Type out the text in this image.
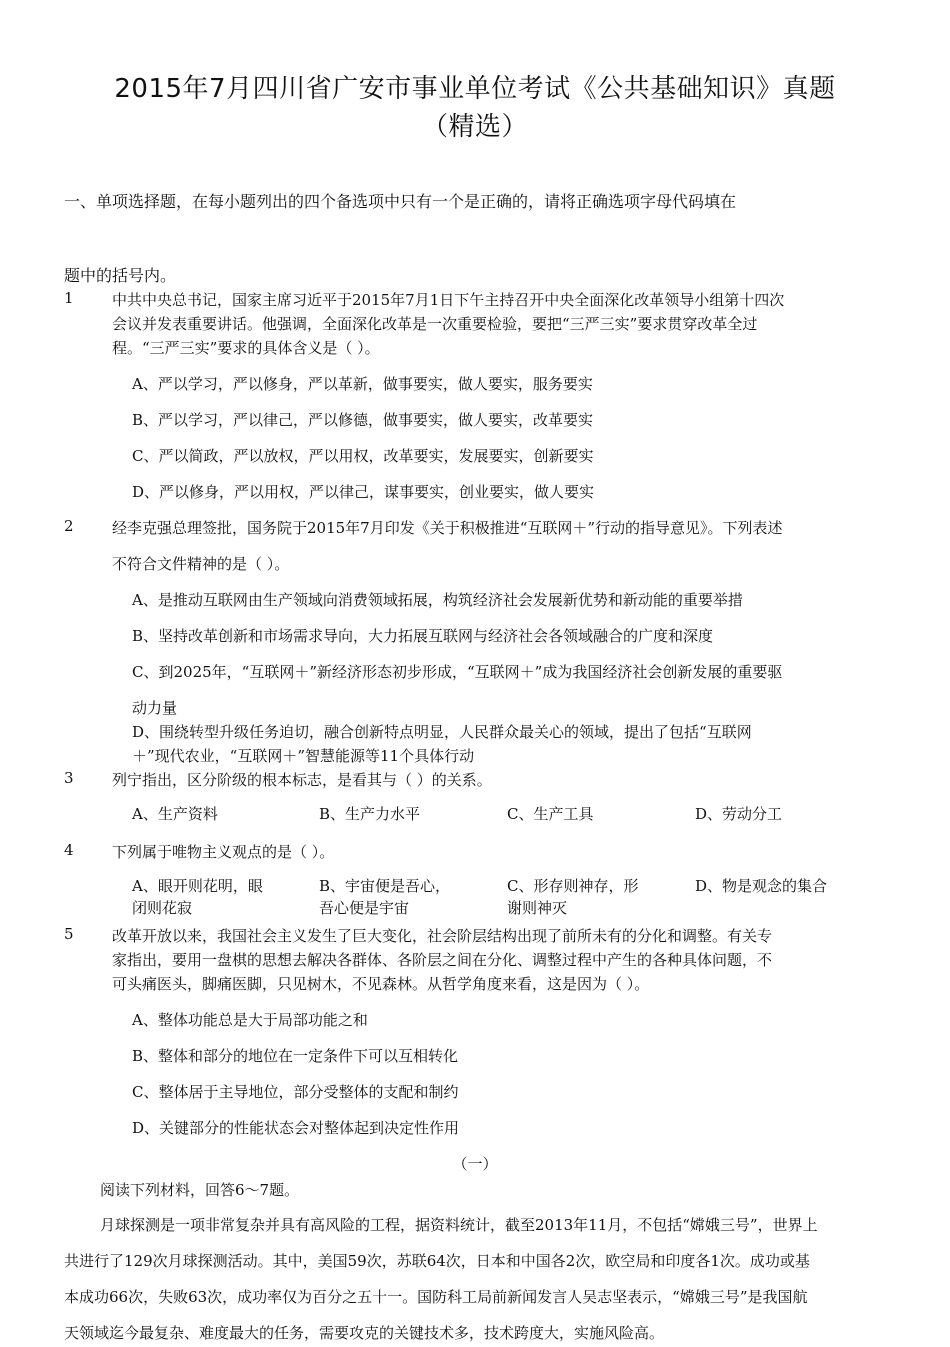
2015年7月四川省广安市事业单位考试《公共基础知识》真题
（精选）
一、单项选择题，在每小题列出的四个备选项中只有一个是正确的，请将正确选项字母代码填在
题中的括号内。
1	中共中央总书记，国家主席习近平于2015年7月1日下午主持召开中央全面深化改革领导小组第十四次
会议并发表重要讲话。他强调，全面深化改革是一次重要检验，要把“三严三实”要求贯穿改革全过
程。“三严三实”要求的具体含义是（ ）。
A、严以学习，严以修身，严以革新，做事要实，做人要实，服务要实
B、严以学习，严以律己，严以修德，做事要实，做人要实，改革要实
C、严以简政，严以放权，严以用权，改革要实，发展要实，创新要实
D、严以修身，严以用权，严以律己，谋事要实，创业要实，做人要实
2	经李克强总理签批，国务院于2015年7月印发《关于积极推进“互联网＋”行动的指导意见》。下列表述
不符合文件精神的是（ ）。
A、是推动互联网由生产领域向消费领域拓展，构筑经济社会发展新优势和新动能的重要举措
B、坚持改革创新和市场需求导向，大力拓展互联网与经济社会各领域融合的广度和深度
C、到2025年，“互联网＋”新经济形态初步形成，“互联网＋”成为我国经济社会创新发展的重要驱
动力量
D、围绕转型升级任务迫切，融合创新特点明显，人民群众最关心的领域，提出了包括“互联网
＋”现代农业，“互联网＋”智慧能源等11个具体行动
3	列宁指出，区分阶级的根本标志，是看其与（ ）的关系。
A、生产资料	B、生产力水平	C、生产工具	D、劳动分工
4	下列属于唯物主义观点的是（ ）。
A、眼开则花明，眼
闭则花寂
B、宇宙便是吾心，
吾心便是宇宙
C、形存则神存，形
谢则神灭
D、物是观念的集合
5	改革开放以来，我国社会主义发生了巨大变化，社会阶层结构出现了前所未有的分化和调整。有关专
家指出，要用一盘棋的思想去解决各群体、各阶层之间在分化、调整过程中产生的各种具体问题，不
可头痛医头，脚痛医脚，只见树木，不见森林。从哲学角度来看，这是因为（ ）。
A、整体功能总是大于局部功能之和
B、整体和部分的地位在一定条件下可以互相转化
C、整体居于主导地位，部分受整体的支配和制约
D、关键部分的性能状态会对整体起到决定性作用
（一）
阅读下列材料，回答6～7题。
月球探测是一项非常复杂并具有高风险的工程，据资料统计，截至2013年11月，不包括“嫦娥三号”，世界上
共进行了129次月球探测活动。其中，美国59次，苏联64次，日本和中国各2次，欧空局和印度各1次。成功或基
本成功66次，失败63次，成功率仅为百分之五十一。国防科工局前新闻发言人吴志坚表示，“嫦娥三号”是我国航
天领域迄今最复杂、难度最大的任务，需要攻克的关键技术多，技术跨度大，实施风险高。
